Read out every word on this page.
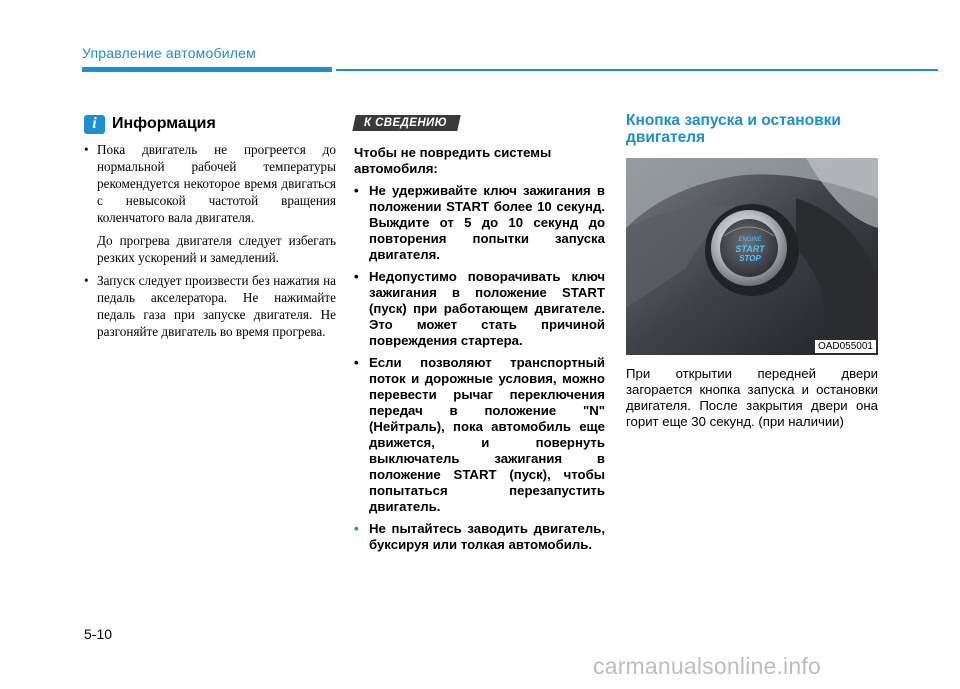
Управление автомобилем
i Информация

• Пока двигатель не прогреется до нормальной рабочей температуры рекомендуется некоторое время двигаться с невысокой частотой вращения коленчатого вала двигателя.

До прогрева двигателя следует избегать резких ускорений и замедлений.

• Запуск следует произвести без нажатия на педаль акселератора. Не нажимайте педаль газа при запуске двигателя. Не разгоняйте двигатель во время прогрева.

К СВЕДЕНИЮ

Чтобы не повредить системы автомобиля:

• Не удерживайте ключ зажигания в положении START более 10 секунд. Выждите от 5 до 10 секунд до повторения попытки запуска двигателя.
• Недопустимо поворачивать ключ зажигания в положение START (пуск) при работающем двигателе. Это может стать причиной повреждения стартера.
• Если позволяют транспортный поток и дорожные условия, можно перевести рычаг переключения передач в положение "N" (Нейтраль), пока автомобиль еще движется, и повернуть выключатель зажигания в положение START (пуск), чтобы попытаться перезапустить двигатель.
• Не пытайтесь заводить двигатель, буксируя или толкая автомобиль.
Кнопка запуска и остановки двигателя
ENGINE
START
STOP
OAD055001

При открытии передней двери загорается кнопка запуска и остановки двигателя. После закрытия двери она горит еще 30 секунд. (при наличии)

5-10
carmanualsonline.info
